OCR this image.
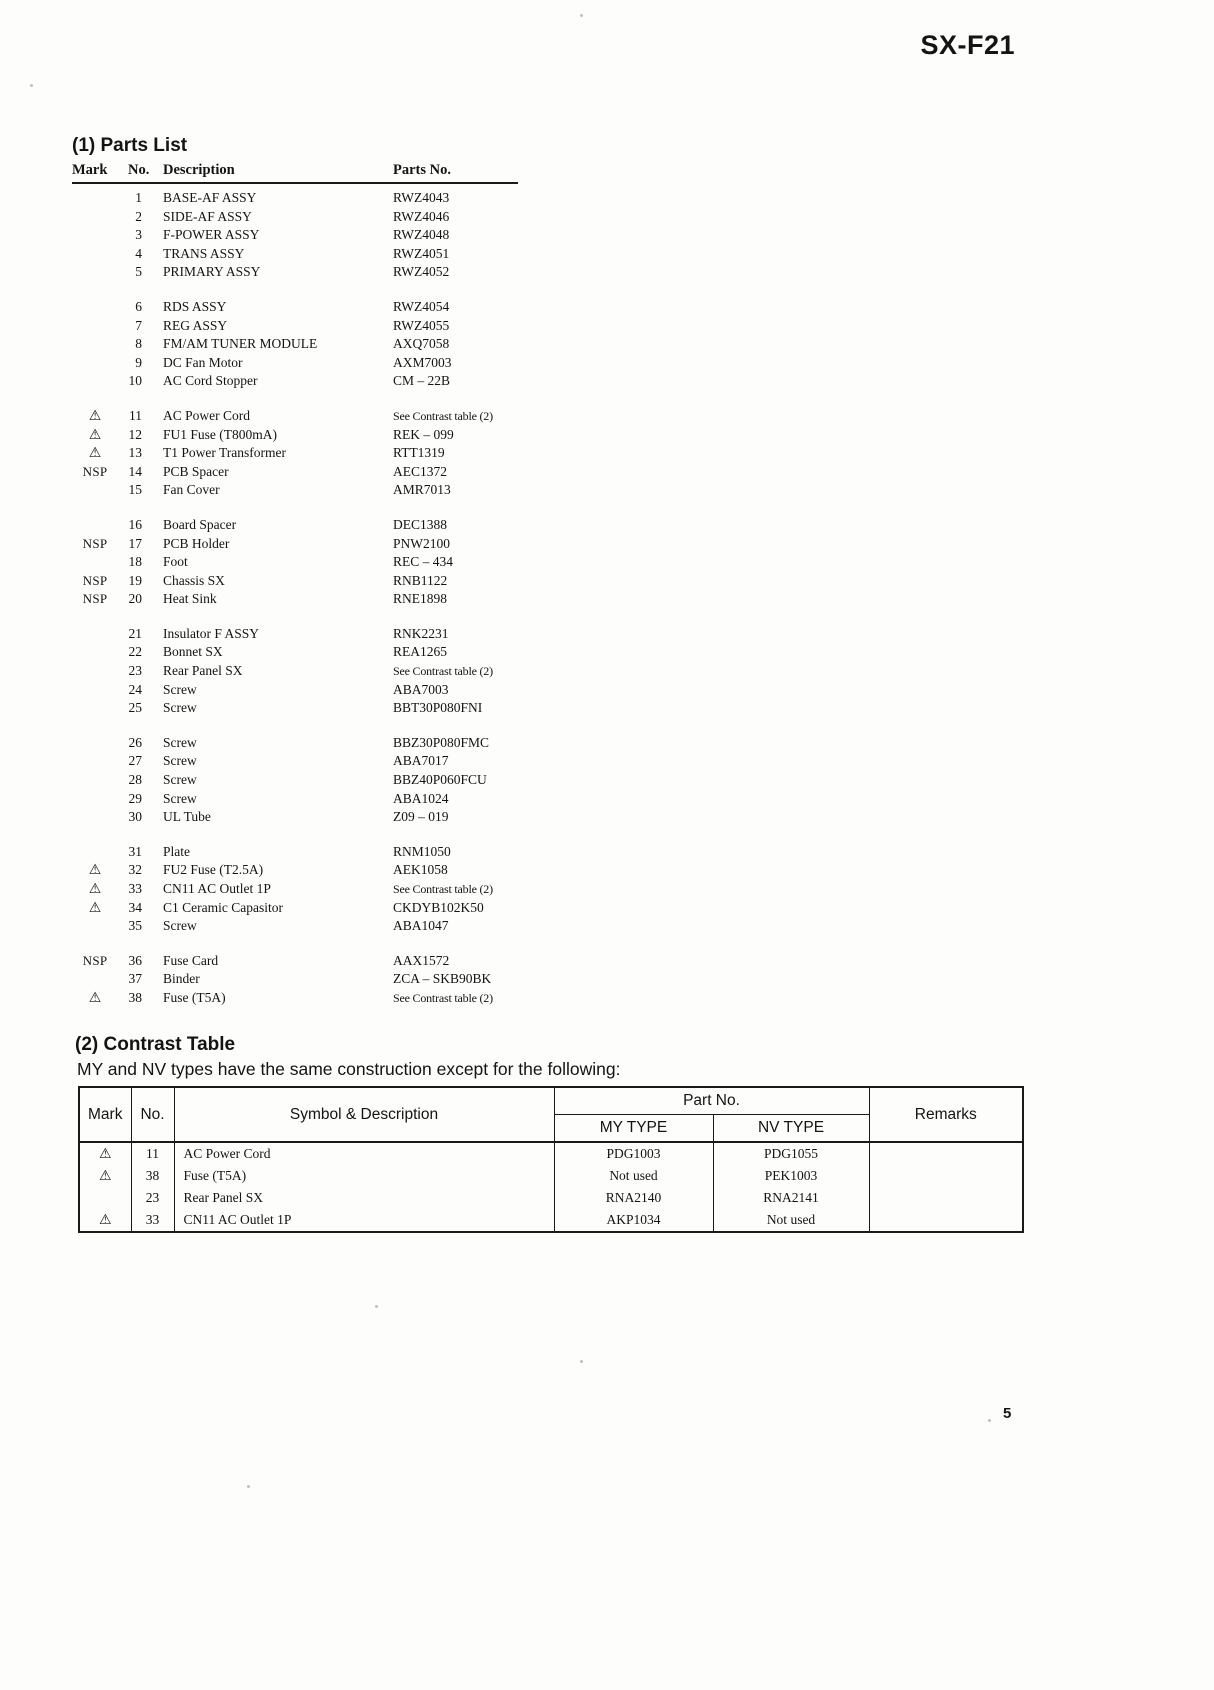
SX-F21
(1) Parts List
Mark	No. Description	Parts No.
1	BASE-AF ASSY	RWZ4043
2	SIDE-AF ASSY	RWZ4046
3	F-POWER ASSY	RWZ4048
4	TRANS ASSY	RWZ4051
5	PRIMARY ASSY	RWZ4052
6	RDS ASSY	RWZ4054
7	REG ASSY	RWZ4055
8	FM/AM TUNER MODULE	AXQ7058
9	DC Fan Motor	AXM7003
10	AC Cord Stopper	CM – 22B
⚠	11	AC Power Cord	See Contrast table (2)
⚠	12	FU1 Fuse (T800mA)	REK – 099
⚠	13	T1 Power Transformer	RTT1319
NSP	14	PCB Spacer	AEC1372
15	Fan Cover	AMR7013
16	Board Spacer	DEC1388
NSP	17	PCB Holder	PNW2100
18	Foot	REC – 434
NSP	19	Chassis SX	RNB1122
NSP	20	Heat Sink	RNE1898
21	Insulator F ASSY	RNK2231
22	Bonnet SX	REA1265
23	Rear Panel SX	See Contrast table (2)
24	Screw	ABA7003
25	Screw	BBT30P080FNI
26	Screw	BBZ30P080FMC
27	Screw	ABA7017
28	Screw	BBZ40P060FCU
29	Screw	ABA1024
30	UL Tube	Z09 – 019
31	Plate	RNM1050
⚠	32	FU2 Fuse (T2.5A)	AEK1058
⚠	33	CN11 AC Outlet 1P	See Contrast table (2)
⚠	34	C1 Ceramic Capasitor	CKDYB102K50
35	Screw	ABA1047
NSP	36	Fuse Card	AAX1572
37	Binder	ZCA – SKB90BK
⚠	38	Fuse (T5A)	See Contrast table (2)
(2) Contrast Table
MY and NV types have the same construction except for the following:
Mark	No.	Symbol & Description	Part No.		Remarks
			MY TYPE	NV TYPE	
⚠	11	AC Power Cord	PDG1003	PDG1055	
⚠	38	Fuse (T5A)	Not used	PEK1003	
	23	Rear Panel SX	RNA2140	RNA2141	
⚠	33	CN11 AC Outlet 1P	AKP1034	Not used	
5
